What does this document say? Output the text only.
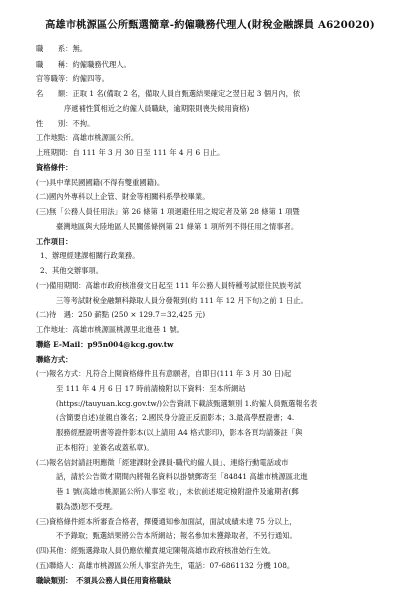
高雄市桃源區公所甄選簡章-約僱職務代理人(財稅金融課員 A620020)
職　　系：無。
職　　稱：約僱職務代理人。
官等職等：約僱四等。
名　　額：正取 1 名(備取 2 名，備取人員自甄選結果確定之翌日起 3 個月內，依
序遞補性質相近之約僱人員職缺，逾期限則喪失候用資格)
性　　別：不拘。
工作地點：高雄市桃源區公所。
上班期間：自 111 年 3 月 30 日至 111 年 4 月 6 日止。
資格條件：
(一)具中華民國國籍(不得有雙重國籍)。
(二)國內外專科以上企管、財金等相關科系學校畢業。
(三)無「公務人員任用法」第 26 條第 1 項迴避任用之規定者及第 28 條第 1 項暨
臺灣地區與大陸地區人民關係條例第 21 條第 1 項所列不得任用之情事者。
工作項目：
1、辦理經建課相關行政業務。
2、其他交辦事項。
(一)備用期間：高雄市政府核准發文日起至 111 年公務人員特種考試原住民族考試
三等考試財稅金融類科錄取人員分發報到(約 111 年 12 月下旬)之前 1 日止。
(二)待　遇：250 薪點 (250 × 129.7＝32,425 元)
工作地址：高雄市桃源區桃源里北進巷 1 號。
聯絡 E-Mail：p95n004@kcg.gov.tw
聯絡方式：
(一)報名方式：凡符合上開資格條件且有意願者，自即日(111 年 3 月 30 日)起
至 111 年 4 月 6 日 17 時前請檢附以下資料：至本所網站
(https://tauyuan.kcg.gov.tw/)公告資訊下載該甄選類別 1.約僱人員甄選報名表
(含簡要自述)並親自簽名；2.國民身分證正反面影本；3.最高學歷證書；4.
服務經歷證明書等證件影本(以上請用 A4 格式影印)，影本各頁均請簽註「與
正本相符」並簽名或蓋私章)。
(二)報名信封請註明應徵「經建課財金課員-職代約僱人員」、連絡行動電話或市
話，請於公告徵才期間內將報名資料以掛號郵寄至「84841 高雄市桃源區北進
巷 1 號(高雄市桃源區公所)人事室 收」，未依前述規定檢附證件及逾期者(郵
戳為憑)恕不受理。
(三)資格條件經本所審查合格者，擇優通知參加面試，面試成績未達 75 分以上，
不予錄取；甄選結果將公告本所網站；報名參加未獲錄取者，不另行通知。
(四)其他：經甄選錄取人員仍應依權責規定陳報高雄市政府核准始行生效。
(五)聯絡人：高雄市桃源區公所人事室許先生，電話：07-6861132 分機 108。
職缺類別：　不須具公務人員任用資格職缺
